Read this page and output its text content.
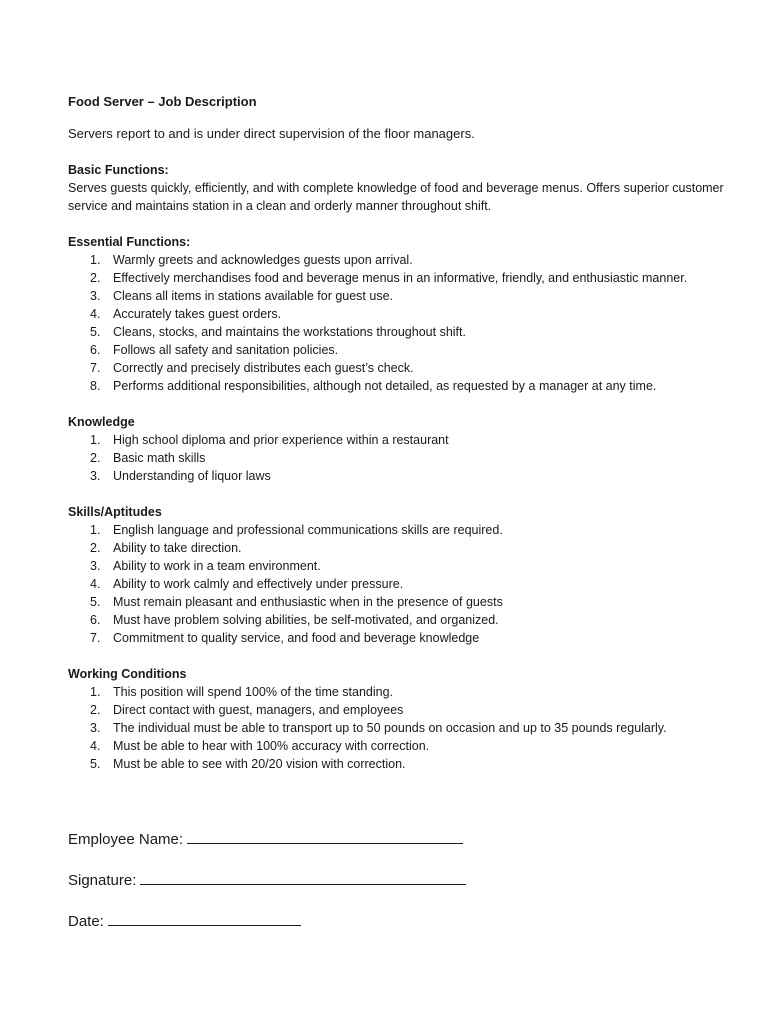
Food Server – Job Description

Servers report to and is under direct supervision of the floor managers.

Basic Functions:

Serves guests quickly, efficiently, and with complete knowledge of food and beverage menus. Offers superior customer service and maintains station in a clean and orderly manner throughout shift.

Essential Functions:

1.	Warmly greets and acknowledges guests upon arrival.
2.	Effectively merchandises food and beverage menus in an informative, friendly, and enthusiastic manner.
3.	Cleans all items in stations available for guest use.
4.	Accurately takes guest orders.
5.	Cleans, stocks, and maintains the workstations throughout shift.
6.	Follows all safety and sanitation policies.
7.	Correctly and precisely distributes each guest’s check.
8.	Performs additional responsibilities, although not detailed, as requested by a manager at any time.

Knowledge

1.	High school diploma and prior experience within a restaurant
2.	Basic math skills
3.	Understanding of liquor laws

Skills/Aptitudes

1.	English language and professional communications skills are required.
2.	Ability to take direction.
3.	Ability to work in a team environment.
4.	Ability to work calmly and effectively under pressure.
5.	Must remain pleasant and enthusiastic when in the presence of guests
6.	Must have problem solving abilities, be self-motivated, and organized.
7.	Commitment to quality service, and food and beverage knowledge

Working Conditions

1.	This position will spend 100% of the time standing.
2.	Direct contact with guest, managers, and employees
3.	The individual must be able to transport up to 50 pounds on occasion and up to 35 pounds regularly.
4.	Must be able to hear with 100% accuracy with correction.
5.	Must be able to see with 20/20 vision with correction.
Employee Name:
Signature:
Date:
